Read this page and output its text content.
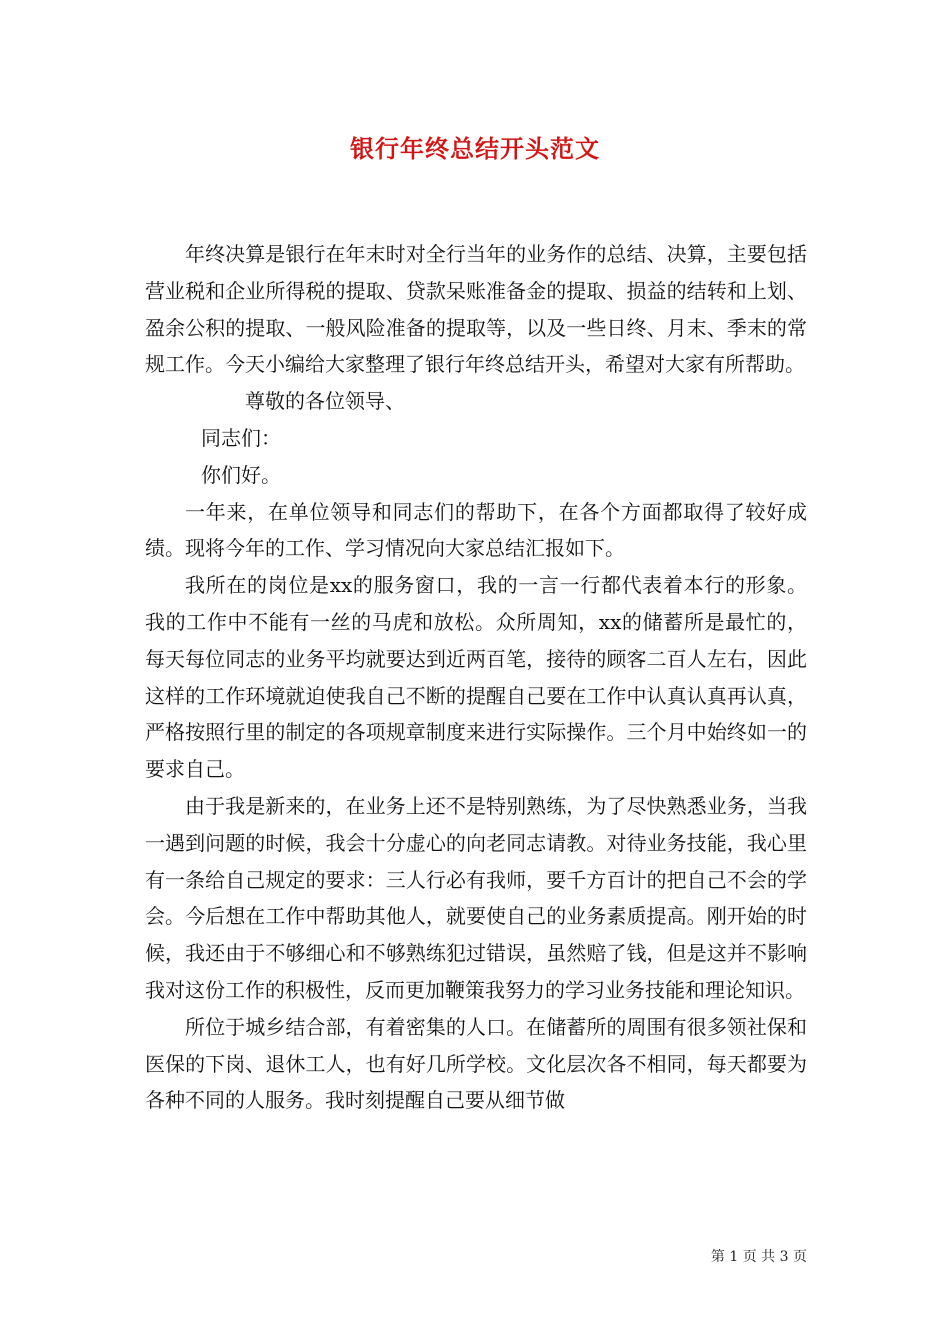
银行年终总结开头范文

年终决算是银行在年末时对全行当年的业务作的总结、决算，主要包括营业税和企业所得税的提取、贷款呆账准备金的提取、损益的结转和上划、盈余公积的提取、一般风险准备的提取等，以及一些日终、月末、季末的常规工作。今天小编给大家整理了银行年终总结开头，希望对大家有所帮助。

尊敬的各位领导、

同志们：

你们好。

一年来，在单位领导和同志们的帮助下，在各个方面都取得了较好成绩。现将今年的工作、学习情况向大家总结汇报如下。

我所在的岗位是xx的服务窗口，我的一言一行都代表着本行的形象。我的工作中不能有一丝的马虎和放松。众所周知，xx的储蓄所是最忙的，每天每位同志的业务平均就要达到近两百笔，接待的顾客二百人左右，因此这样的工作环境就迫使我自己不断的提醒自己要在工作中认真认真再认真，严格按照行里的制定的各项规章制度来进行实际操作。三个月中始终如一的要求自己。

由于我是新来的，在业务上还不是特别熟练，为了尽快熟悉业务，当我一遇到问题的时候，我会十分虚心的向老同志请教。对待业务技能，我心里有一条给自己规定的要求：三人行必有我师，要千方百计的把自己不会的学会。今后想在工作中帮助其他人，就要使自己的业务素质提高。刚开始的时候，我还由于不够细心和不够熟练犯过错误，虽然赔了钱，但是这并不影响我对这份工作的积极性，反而更加鞭策我努力的学习业务技能和理论知识。

所位于城乡结合部，有着密集的人口。在储蓄所的周围有很多领社保和医保的下岗、退休工人，也有好几所学校。文化层次各不相同，每天都要为各种不同的人服务。我时刻提醒自己要从细节做

第 1 页 共 3 页
